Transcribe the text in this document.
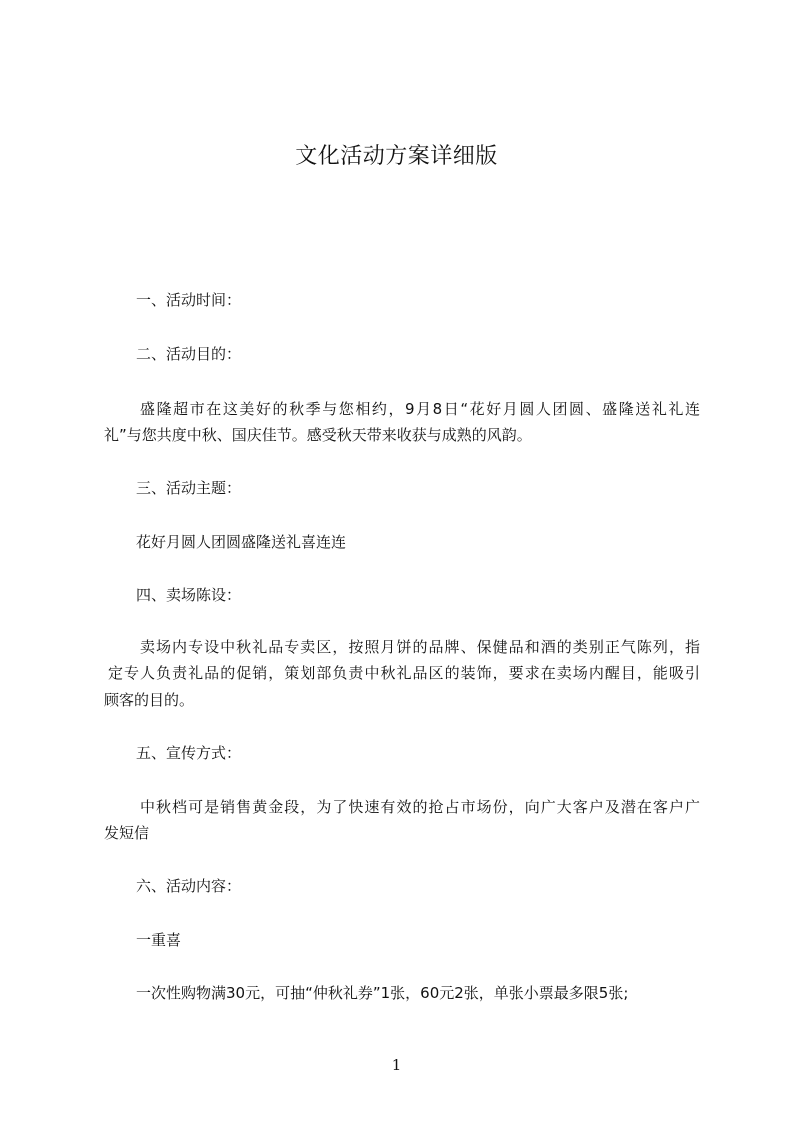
文化活动方案详细版
一、活动时间：
二、活动目的：
盛隆超市在这美好的秋季与您相约，9月8日“花好月圆人团圆、盛隆送礼礼连
礼”与您共度中秋、国庆佳节。感受秋天带来收获与成熟的风韵。
三、活动主题：
花好月圆人团圆盛隆送礼喜连连
四、卖场陈设：
卖场内专设中秋礼品专卖区，按照月饼的品牌、保健品和酒的类别正气陈列，指
定专人负责礼品的促销，策划部负责中秋礼品区的装饰，要求在卖场内醒目，能吸引
顾客的目的。
五、宣传方式：
中秋档可是销售黄金段，为了快速有效的抢占市场份，向广大客户及潜在客户广
发短信
六、活动内容：
一重喜
一次性购物满30元，可抽“仲秋礼券”1张，60元2张，单张小票最多限5张;
1
